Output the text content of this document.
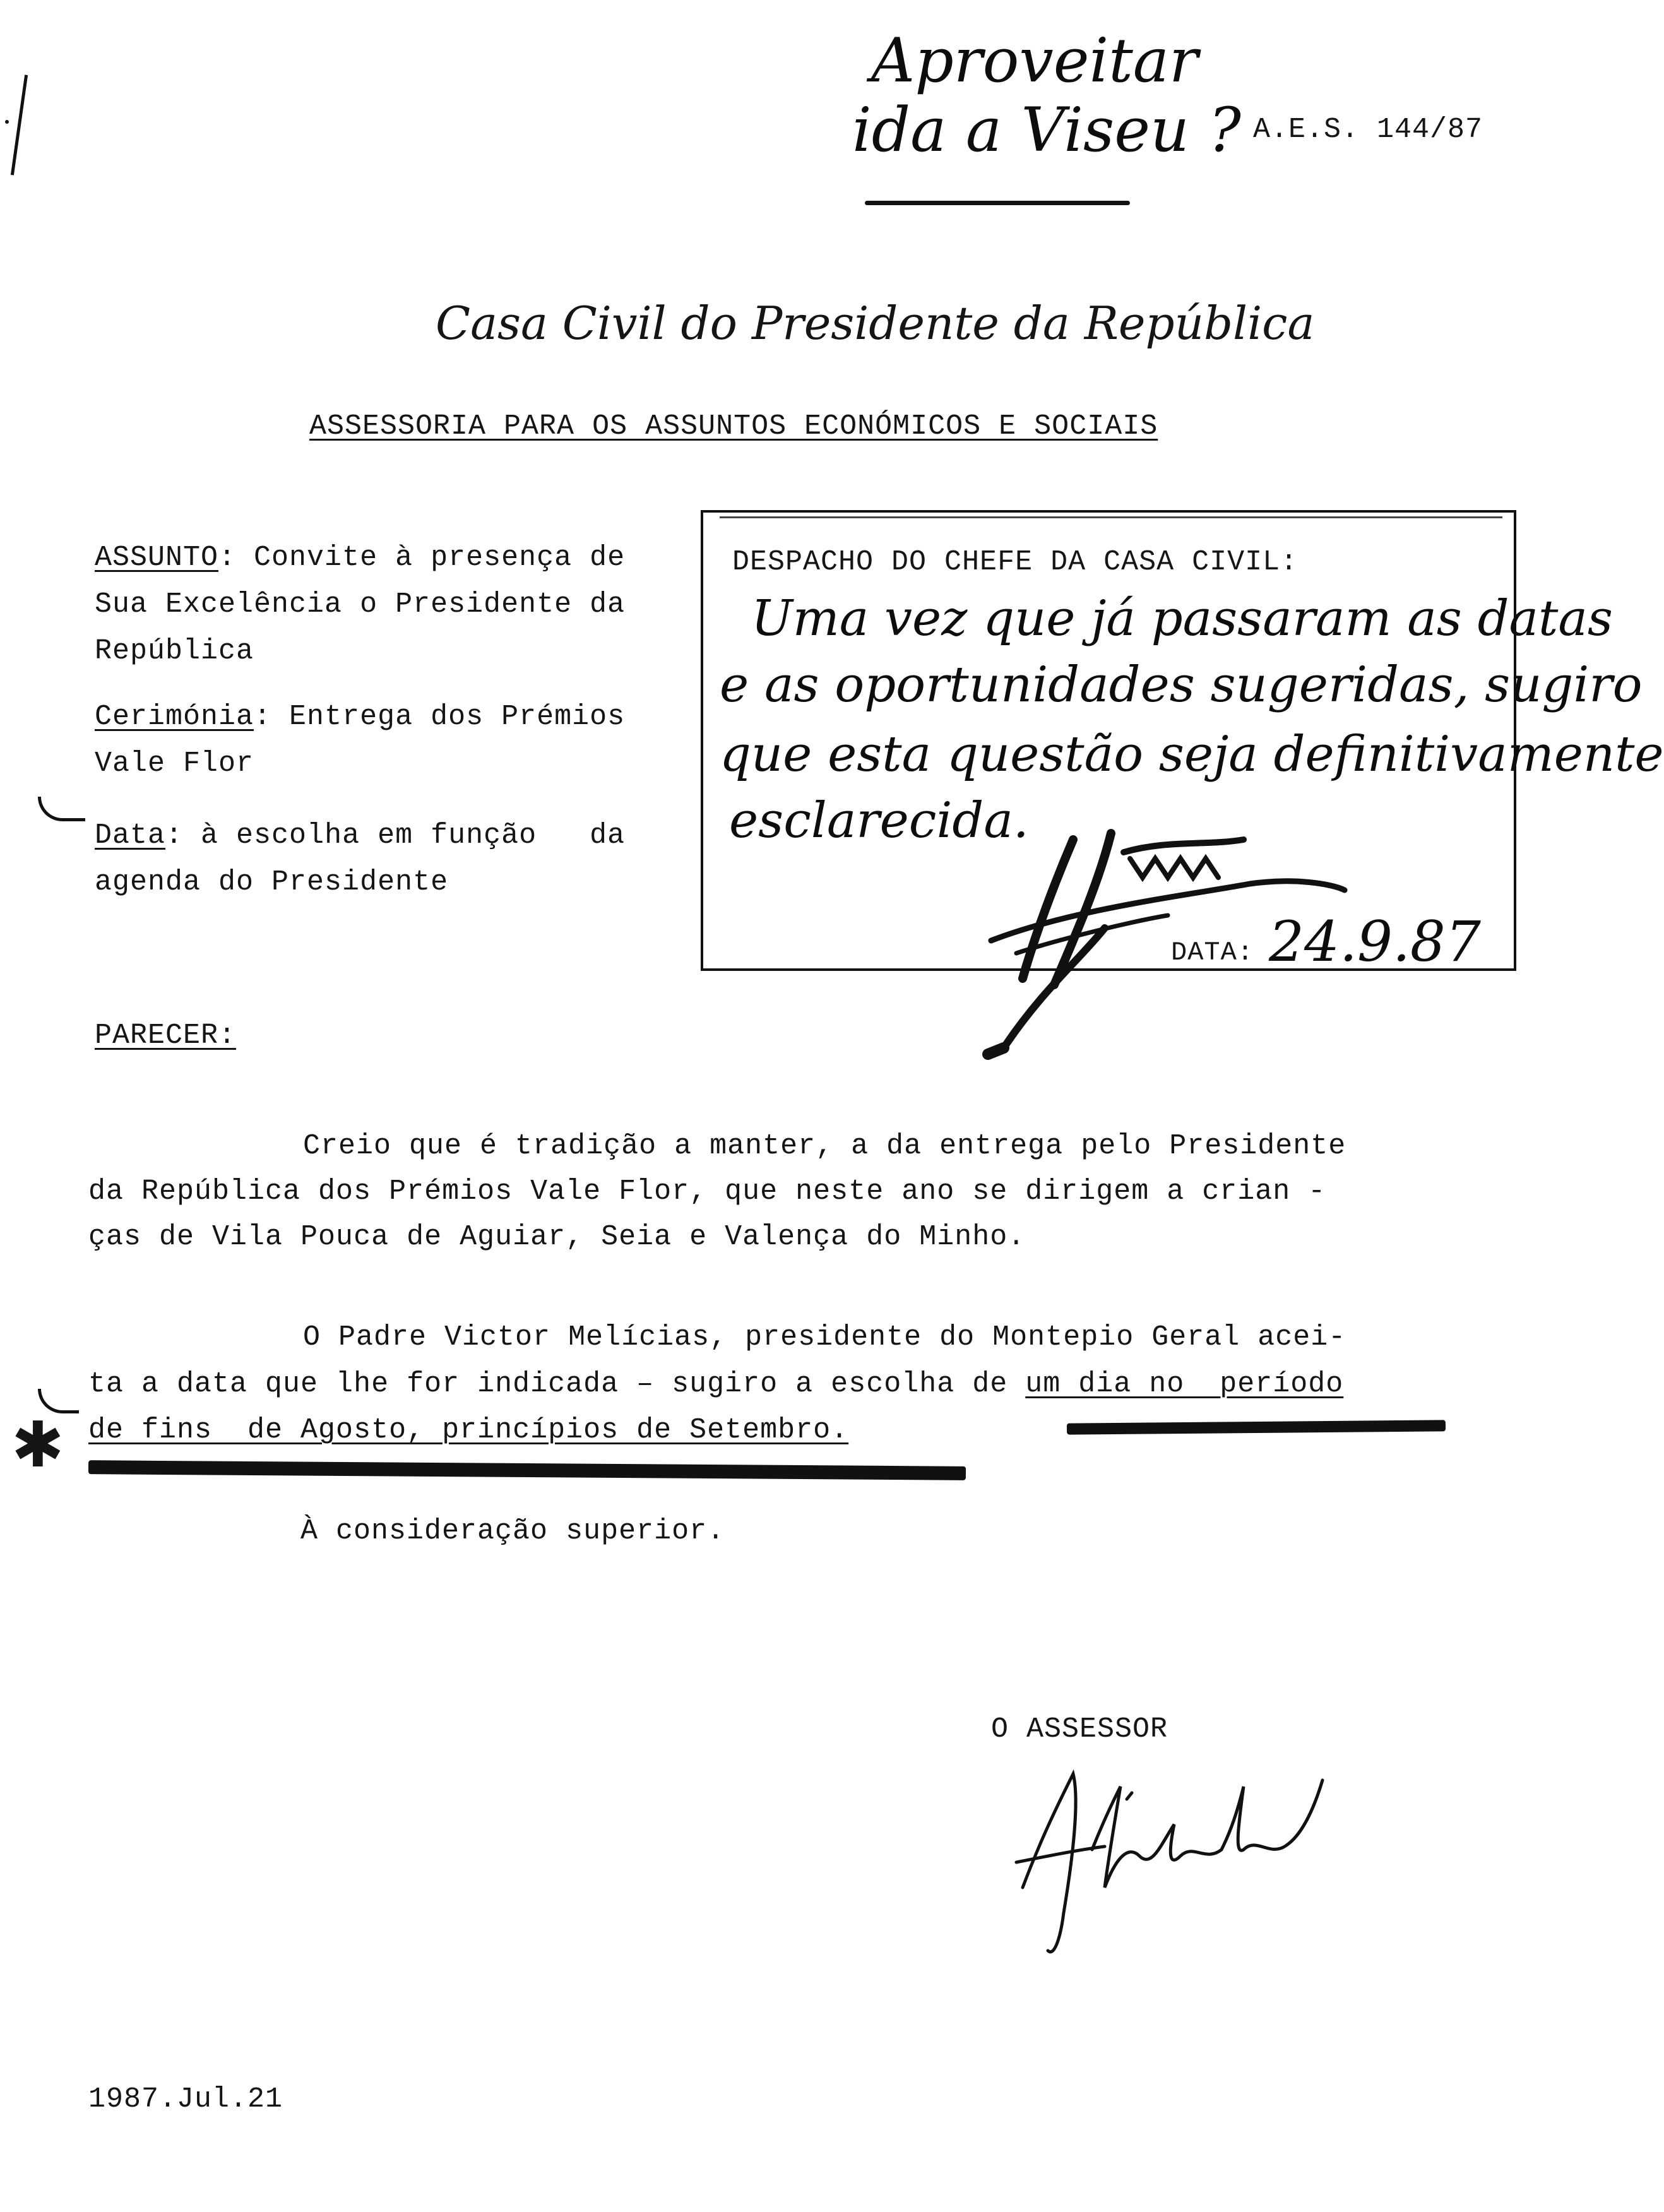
Aproveitar
ida a Viseu ? A.E.S. 144/87
Casa Civil do Presidente da República
ASSESSORIA PARA OS ASSUNTOS ECONÓMICOS E SOCIAIS
ASSUNTO: Convite à presença de
Sua Excelência o Presidente da
República
Cerimónia: Entrega dos Prémios
Vale Flor
Data: à escolha em função   da
agenda do Presidente
DESPACHO DO CHEFE DA CASA CIVIL:
Uma vez que já passaram as datas
e as oportunidades sugeridas, sugiro
que esta questão seja definitivamente
esclarecida.
DATA: 24.9.87
PARECER:
Creio que é tradição a manter, a da entrega pelo Presidente
da República dos Prémios Vale Flor, que neste ano se dirigem a crian -
ças de Vila Pouca de Aguiar, Seia e Valença do Minho.
O Padre Victor Melícias, presidente do Montepio Geral acei-
ta a data que lhe for indicada – sugiro a escolha de um dia no  período
de fins  de Agosto, princípios de Setembro.
✱
À consideração superior.
O ASSESSOR
1987.Jul.21
